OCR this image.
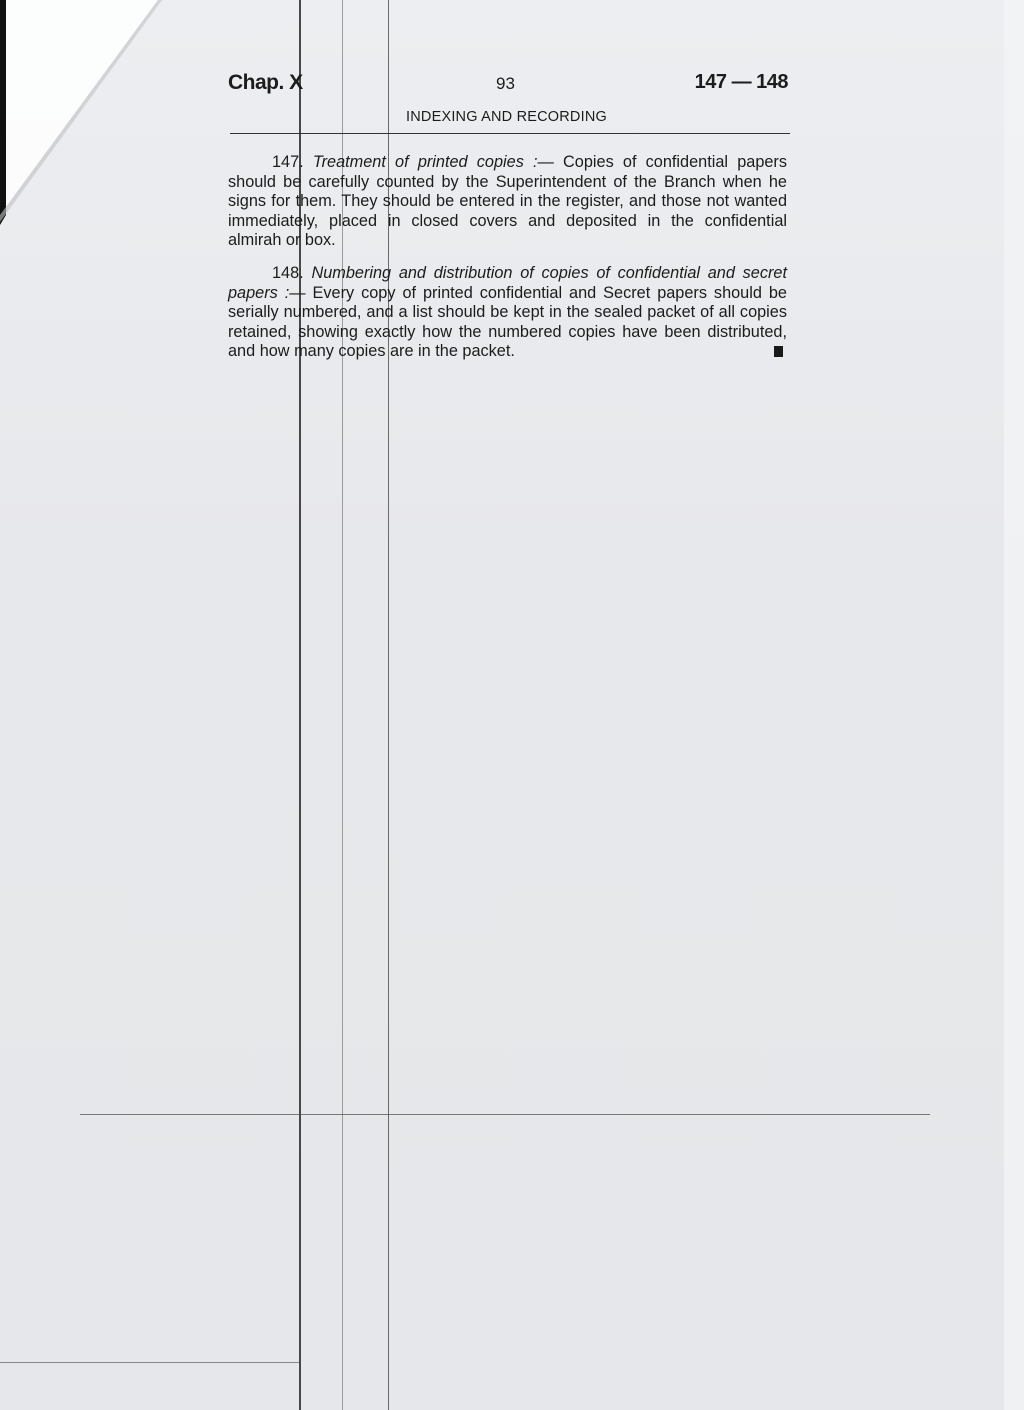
Chap. X	93	147 — 148
INDEXING AND RECORDING

147. Treatment of printed copies :— Copies of confidential papers should be carefully counted by the Superintendent of the Branch when he signs for them. They should be entered in the register, and those not wanted immediately, placed in closed covers and deposited in the confidential almirah or box.

148. Numbering and distribution of copies of confidential and secret papers :— Every copy of printed confidential and Secret papers should be serially numbered, and a list should be kept in the sealed packet of all copies retained, showing exactly how the numbered copies have been distributed, and how many copies are in the packet.
